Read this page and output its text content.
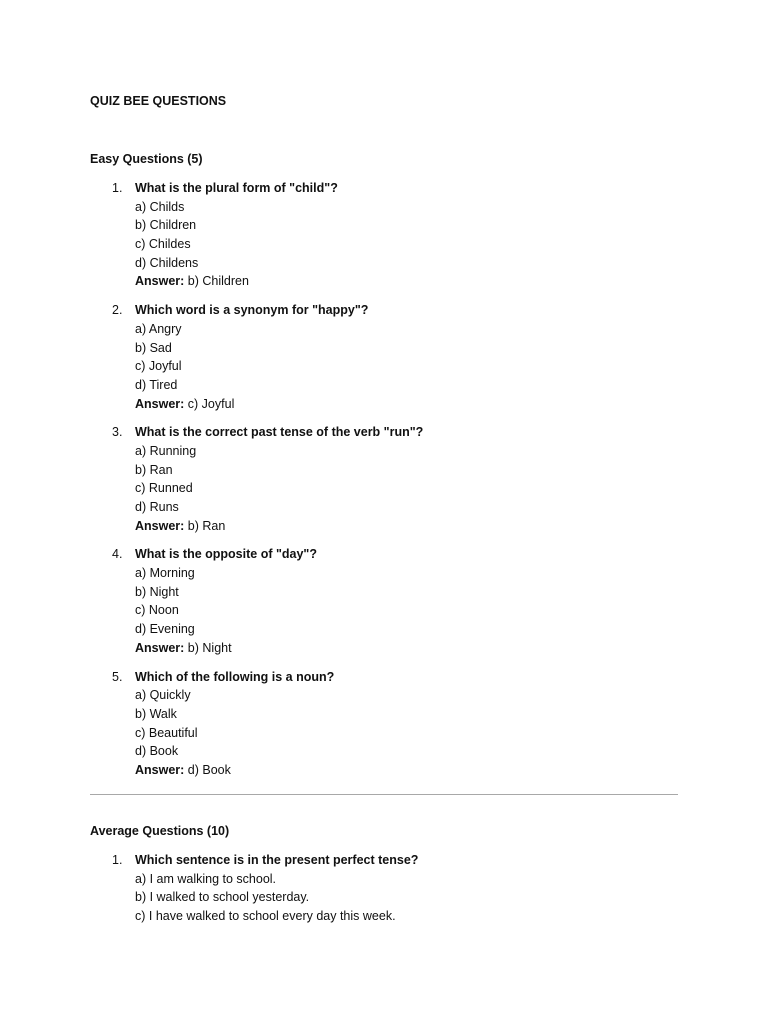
QUIZ BEE QUESTIONS

Easy Questions (5)

1. What is the plural form of "child"?
a) Childs
b) Children
c) Childes
d) Childens
Answer: b) Children
2. Which word is a synonym for "happy"?
a) Angry
b) Sad
c) Joyful
d) Tired
Answer: c) Joyful
3. What is the correct past tense of the verb "run"?
a) Running
b) Ran
c) Runned
d) Runs
Answer: b) Ran
4. What is the opposite of "day"?
a) Morning
b) Night
c) Noon
d) Evening
Answer: b) Night
5. Which of the following is a noun?
a) Quickly
b) Walk
c) Beautiful
d) Book
Answer: d) Book

Average Questions (10)

1. Which sentence is in the present perfect tense?
a) I am walking to school.
b) I walked to school yesterday.
c) I have walked to school every day this week.
